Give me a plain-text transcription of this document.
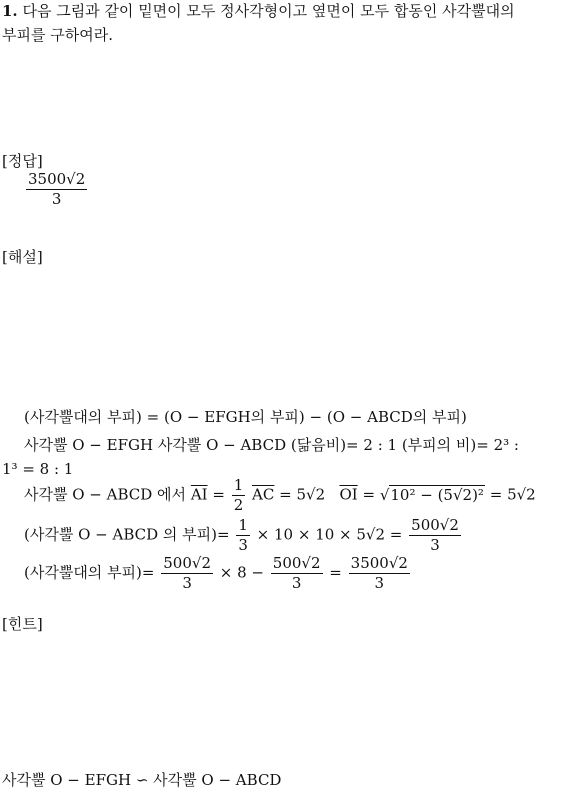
1. 다음 그림과 같이 밑면이 모두 정사각형이고 옆면이 모두 합동인 사각뿔대의
부피를 구하여라.
[정답]
$\frac{3500√2}{3}$
[해설]
(사각뿔대의 부피) = (O − EFGH의 부피) − (O − ABCD의 부피)
사각뿔 O − EFGH 사각뿔 O − ABCD (닮음비)= 2 : 1 (부피의 비)= 2³ :
1³ = 8 : 1
사각뿔 O − ABCD 에서 $\overline{AI} = \frac{1}{2} \overline{AC} = 5√2$ $\overline{OI} = √10^2 - (5√2)^2 = 5√2$
(사각뿔 O − ABCD 의 부피)= $\frac{1}{3} \times 10 \times 10 \times 5√2 = \frac{500√2}{3}$
(사각뿔대의 부피)= $\frac{500√2}{3} \times 8 - \frac{500√2}{3} = \frac{3500√2}{3}$
[힌트]
사각뿔 O − EFGH ∽ 사각뿔 O − ABCD
